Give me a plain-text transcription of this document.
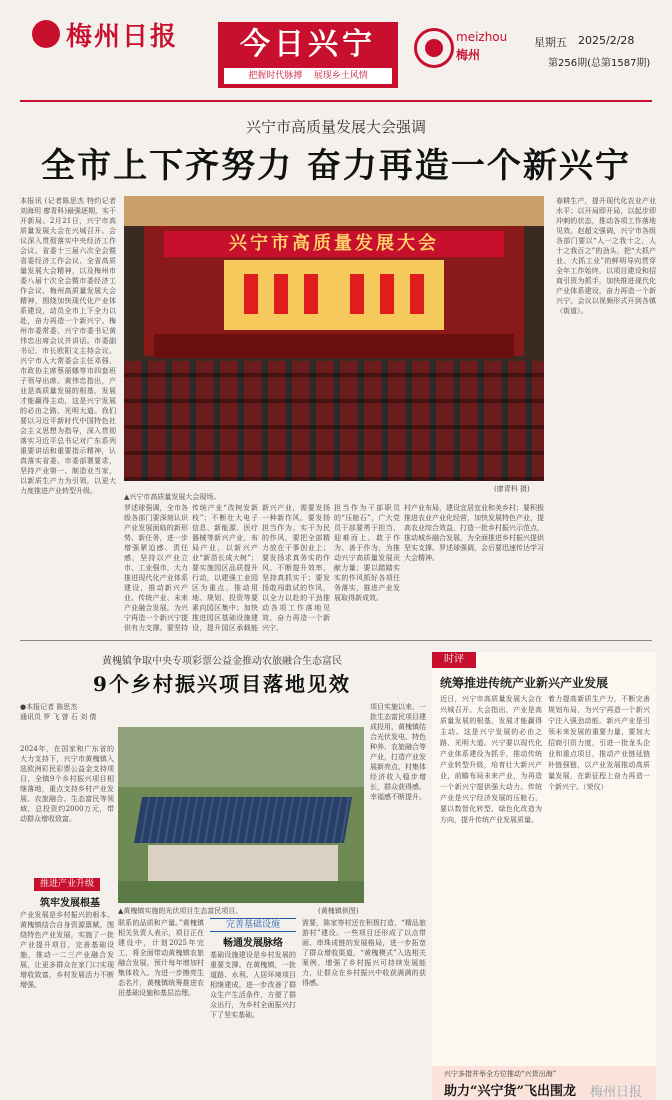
梅州日报	今日兴宁
把握时代脉搏 展现乡土风情
meizhou
梅州
星期五 2025/2/28
第256期(总第1587期)
兴宁市高质量发展大会强调
全市上下齐努力 奋力再造一个新兴宁
本报讯 (记者陈思杰 特约记者刘海玥 廖青科)最强逐期，实干开新局。2月21日，兴宁市高质量发展大会在兴城召开。会议深入贯彻落实中央经济工作会议、省委十三届六次全会暨省委经济工作会议、全省高质量发展大会精神，以及梅州市委八届十次全会暨市委经济工作会议、梅州高质量发展大会精神，围绕加快现代化产业体系建设，动员全市上下全力以赴，奋力再造一个新兴宁。梅州市委常委、兴宁市委书记黄伟忠出席会议并讲话。市委副书记、市长欧阳文主持会议。兴宁市人大常委会主任邓强、市政协主席蔡丽娜等市四套班子领导出席。黄伟忠指出，产业是高质量发展的根基，发展才能赢得主动，这是兴宁发展的必由之路、光明大道。我们要以习近平新时代中国特色社会主义思想为指导，深入贯彻落实习近平总书记对广东系列重要讲话和重要指示精神，认真落实省委、市委部署要求，坚持产业第一、制造业当家，以新质生产力为引领，以更大力度推进产业转型升级。
春耕生产，提升现代化农业产业水平；以开局即开局，以起步即冲刺的状态，推动各项工作落地见效。赵超文强调，兴宁市各级各部门要以“人一之我十之，人十之我百之”的劲头，把“大抓产业、大抓工业”的鲜明导向贯穿全年工作始终，以项目建设和招商引资为抓手，加快推进现代化产业体系建设，奋力再造一个新兴宁。会议以视频形式开到各镇（街道）。
兴宁市高质量发展大会
(廖青科 摄)
▲兴宁市高质量发展大会现场。
罗述球强调，全市各级各部门要深刻认识产业发展面临的新形势、新任务，进一步增强紧迫感、责任感，坚持以产业立市、工业强市，大力推进现代化产业体系建设，推动新兴产业、传统产业、未来产业融合发展，为兴宁再造一个新兴宁提供有力支撑。要坚持
传统产业“改树发新枝”；不断壮大电子信息、新能源、医疗器械等新兴产业，布局产业，以新兴产业“新苗长成大树”；要实施园区品质提升行动，以建强工业园区为重点，推动用地、规划、投资等要素向园区集中；加快推进园区基础设施建设，提升园区承载能
新兴产业，需要发扬一种新作风。要发扬担当作为、实干为民的作风，要把全部精力放在干事创业上；要发扬求真务实的作风，不断提升效率，坚持真抓实干；要发扬敢闯敢试的作风，以全力以赴的干劲推动各项工作落地见效，奋力再造一个新兴宁。
担当作为干部职员的“压舱石”，广大党员干部要勇于担当、迎难而上，敢于作为、善于作为，为推动兴宁高质量发展贡献力量；要以踏踏实实的作风抓好各项任务落实，推进产业发展取得新成效。
村产业布局，建设宜居宜业和美乡村；要积极推进农业产业化经营，加快发展特色产业，提高农业综合效益，打造一批乡村振兴示范点，推动城乡融合发展，为全面推进乡村振兴提供坚实支撑。罗述球强调，会后要迅速传达学习大会精神。
黄槐镇争取中央专项彩票公益金推动农旅融合生态富民
9个乡村振兴项目落地见效
●本报记者 陈思杰
通讯员 罗 飞 曾 石 刘 倩
2024年，在国家和广东省的大力支持下，兴宁市黄槐镇入选欧洲彩民彩票公益金支持项目，全镇9个乡村振兴项目相继落地，重点支持乡村产业发展、农旅融合、生态富民等领域，总投资约2000万元，带动群众增收致富。
推进产业升级
筑牢发展根基
产业发展是乡村振兴的根本。黄槐镇结合自身资源禀赋，围绕特色产业发展，实施了一批产业提升项目，完善基础设施，推动一二三产业融合发展，让更多群众在家门口实现增收致富，乡村发展活力不断增强。
(黄槐镇供图)
▲黄槐镇实施的光伏项目生态富民项目。
项目实施以来，一批生态富民项目建成投用，黄槐镇结合光伏发电、特色种养、农旅融合等产业，打造产业发展新亮点，村集体经济收入稳步增长，群众获得感、幸福感不断提升。
联系的品质和产量。”黄槐镇相关负责人表示，项目正在建设中，计划2025年完工，将全面带动黄槐镇农旅融合发展，预计每年增加村集体收入。为进一步擦亮生态名片，黄槐镇统筹推进农田基础设施和基层治理。
完善基础设施
畅通发展脉络
基础设施建设是乡村发展的重要支撑。在黄槐镇，一批道路、水利、人居环境项目相继建成，进一步改善了群众生产生活条件，方便了群众出行，为乡村全面振兴打下了坚实基础。
需要，陈家等村还在积极打造，“精品旅游村”建设。一些项目还形成了以点带面、串珠成链的发展格局，进一步拓宽了群众增收渠道，“黄槐模式”入选相关案例，增强了乡村振兴可持续发展能力，让群众在乡村振兴中收获满满的获得感。
时评
统筹推进传统产业新兴产业发展
近日，兴宁市高质量发展大会在兴城召开。大会指出，产业是高质量发展的根基，发展才能赢得主动。这是兴宁发展的必由之路、光明大道。兴宁要以现代化产业体系建设为抓手，推动传统产业转型升级，培育壮大新兴产业，前瞻布局未来产业，为再造一个新兴宁提供强大动力。传统产业是兴宁经济发展的压舱石，要以数智化转型、绿色化改造为方向，提升传统产业发展质量。
着力提高新质生产力，不断完善规划布局，为兴宁再造一个新兴宁注入强劲动能。新兴产业是引领未来发展的重要力量，要加大招商引资力度，引进一批龙头企业和重点项目，推动产业链延链补链强链，以产业发展推动高质量发展，在新征程上奋力再造一个新兴宁。（荣仪）
兴宁多措并举全方位推动“兴货出海”
助力“兴宁货”飞出围龙 梅州日报
